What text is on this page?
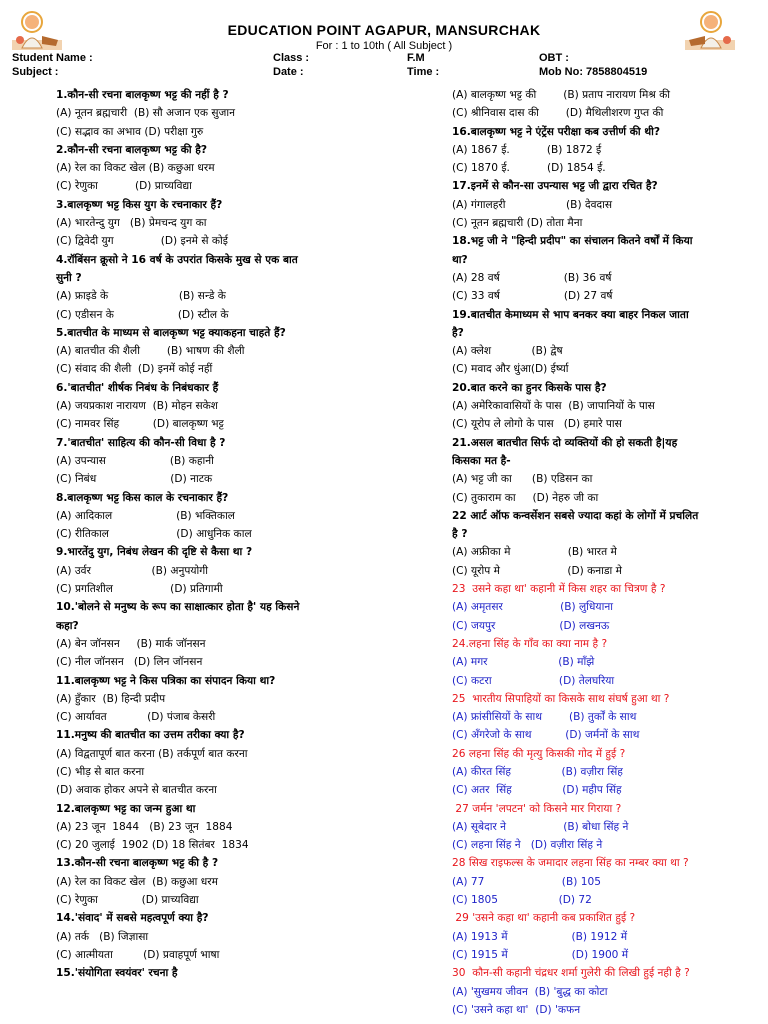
EDUCATION POINT AGAPUR, MANSURCHAK
For : 1 to 10th ( All Subject )
Student Name :	Class :	F.M	OBT :
Subject :	Date :	Time :	Mob No: 7858804519
1.कौन-सी रचना बालकृष्ण भट्ट की नहीं है ?
(A) नूतन ब्रह्मचारी  (B) सौ अजान एक सुजान
(C) सद्भाव का अभाव (D) परीक्षा गुरु
2.कौन-सी रचना बालकृष्ण भट्ट की है?
(A) रेल का विकट खेल (B) कछुआ धरम
(C) रेणुका           (D) प्राच्यविद्या
3.बालकृष्ण भट्ट किस युग के रचनाकार हैं?
(A) भारतेन्दु युग   (B) प्रेमचन्द युग का
(C) द्विवेदी युग              (D) इनमे से कोई
4.रॉबिंसन क्रूसो ने 16 वर्ष के उपरांत किसके मुख से एक बात
सुनी ?
(A) फ्राइडे के                     (B) सन्डे के
(C) एडीसन के                   (D) स्टील के
5.बातचीत के माध्यम से बालकृष्ण भट्ट क्याकहना चाहते हैं?
(A) बातचीत की शैली        (B) भाषण की शैली
(C) संवाद की शैली  (D) इनमें कोई नहीं
6.'बातचीत' शीर्षक निबंध के निबंधकार हैं
(A) जयप्रकाश नारायण  (B) मोहन सकेश
(C) नामवर सिंह          (D) बालकृष्ण भट्ट
7.'बातचीत' साहित्य की कौन-सी विधा है ?
(A) उपन्यास                   (B) कहानी
(C) निबंध                      (D) नाटक
8.बालकृष्ण भट्ट किस काल के रचनाकार हैं?
(A) आदिकाल                   (B) भक्तिकाल
(C) रीतिकाल                    (D) आधुनिक काल
9.भारतेंदु युग, निबंध लेखन की दृष्टि से कैसा था ?
(A) उर्वर                  (B) अनुपयोगी
(C) प्रगतिशील                 (D) प्रतिगामी
10.'बोलने से मनुष्य के रूप का साक्षात्कार होता है' यह किसने
कहा?
(A) बेन जॉनसन     (B) मार्क जॉनसन
(C) नील जॉनसन   (D) लिन जॉनसन
11.बालकृष्ण भट्ट ने किस पत्रिका का संपादन किया था?
(A) हुँकार  (B) हिन्दी प्रदीप
(C) आर्यावत            (D) पंजाब केसरी
11.मनुष्य की बातचीत का उत्तम तरीका क्या है?
(A) विद्वतापूर्ण बात करना (B) तर्कपूर्ण बात करना
(C) भीड़ से बात करना
(D) अवाक होकर अपने से बातचीत करना
12.बालकृष्ण भट्ट का जन्म हुआ था
(A) 23 जून  1844   (B) 23 जून  1884
(C) 20 जुलाई  1902 (D) 18 सितंबर  1834
13.कौन-सी रचना बालकृष्ण भट्ट की है ?
(A) रेल का विकट खेल  (B) कछुआ धरम
(C) रेणुका             (D) प्राच्यविद्या
14.'संवाद' में सबसे महत्वपूर्ण क्या है?
(A) तर्क   (B) जिज्ञासा
(C) आत्मीयता         (D) प्रवाहपूर्ण भाषा
15.'संयोगिता स्वयंवर' रचना है
(A) बालकृष्ण भट्ट की        (B) प्रताप नारायण मिश्र की
(C) श्रीनिवास दास की        (D) मैथिलीशरण गुप्त की
16.बालकृष्ण भट्ट ने एंट्रेंस परीक्षा कब उत्तीर्ण की थी?
(A) 1867 ई.           (B) 1872 ई
(C) 1870 ई.           (D) 1854 ई.
17.इनमें से कौन-सा उपन्यास भट्ट जी द्वारा रचित है?
(A) गंगालहरी                  (B) देवदास
(C) नूतन ब्रह्मचारी (D) तोता मैना
18.भट्ट जी ने "हिन्दी प्रदीप" का संचालन कितने वर्षों में किया
था?
(A) 28 वर्ष                   (B) 36 वर्ष
(C) 33 वर्ष                   (D) 27 वर्ष
19.बातचीत केमाध्यम से भाप बनकर क्या बाहर निकल जाता
है?
(A) क्लेश            (B) द्वेष
(C) मवाद और धुंआ(D) ईर्ष्या
20.बात करने का हुनर किसके पास है?
(A) अमेरिकावासियों के पास  (B) जापानियों के पास
(C) यूरोप ले लोगो के पास   (D) हमारे पास
21.असल बातचीत सिर्फ दो व्यक्तियों की हो सकती है|यह
किसका मत है-
(A) भट्ट जी का      (B) एडिसन का
(C) तुकाराम का     (D) नेहरु जी का
22 आर्ट ऑफ कन्वर्सेशन सबसे ज्यादा कहां के लोगों में प्रचलित
है ?
(A) अफ्रीका मे                 (B) भारत मे
(C) यूरोप मे                    (D) कनाडा मे
23  उसने कहा था' कहानी में किस शहर का चित्रण है ?
(A) अमृतसर                 (B) लुधियाना
(C) जयपुर                   (D) लखनऊ
24.लहना सिंह के गाँव का क्या नाम है ?
(A) मगर                     (B) माँझे
(C) कटरा                    (D) तेलघरिया
25  भारतीय सिपाहियों का किसके साथ संघर्ष हुआ था ?
(A) फ्रांसीसियों के साथ        (B) तुर्कों के साथ
(C) अँगरेजो के साथ          (D) जर्मनों के साथ
26 लहना सिंह की मृत्यु किसकी गोद में हुई ?
(A) कीरत सिंह               (B) वज़ीरा सिंह
(C) अतर  सिंह               (D) महीप सिंह
27 जर्मन 'लपटन' को किसने मार गिराया ?
(A) सूबेदार ने                 (B) बोधा सिंह ने
(C) लहना सिंह ने   (D) वज़ीरा सिंह ने
28 सिख राइफल्स के जमादार लहना सिंह का नम्बर क्या था ?
(A) 77                       (B) 105
(C) 1805                  (D) 72
29 'उसने कहा था' कहानी कब प्रकाशित हुई ?
(A) 1913 में                   (B) 1912 में
(C) 1915 में                   (D) 1900 में
30  कौन-सी कहानी चंद्रधर शर्मा गुलेरी की लिखी हुई नही है ?
(A) 'सुखमय जीवन  (B) 'बुद्ध का कोटा
(C) 'उसने कहा था'  (D) 'कफन
